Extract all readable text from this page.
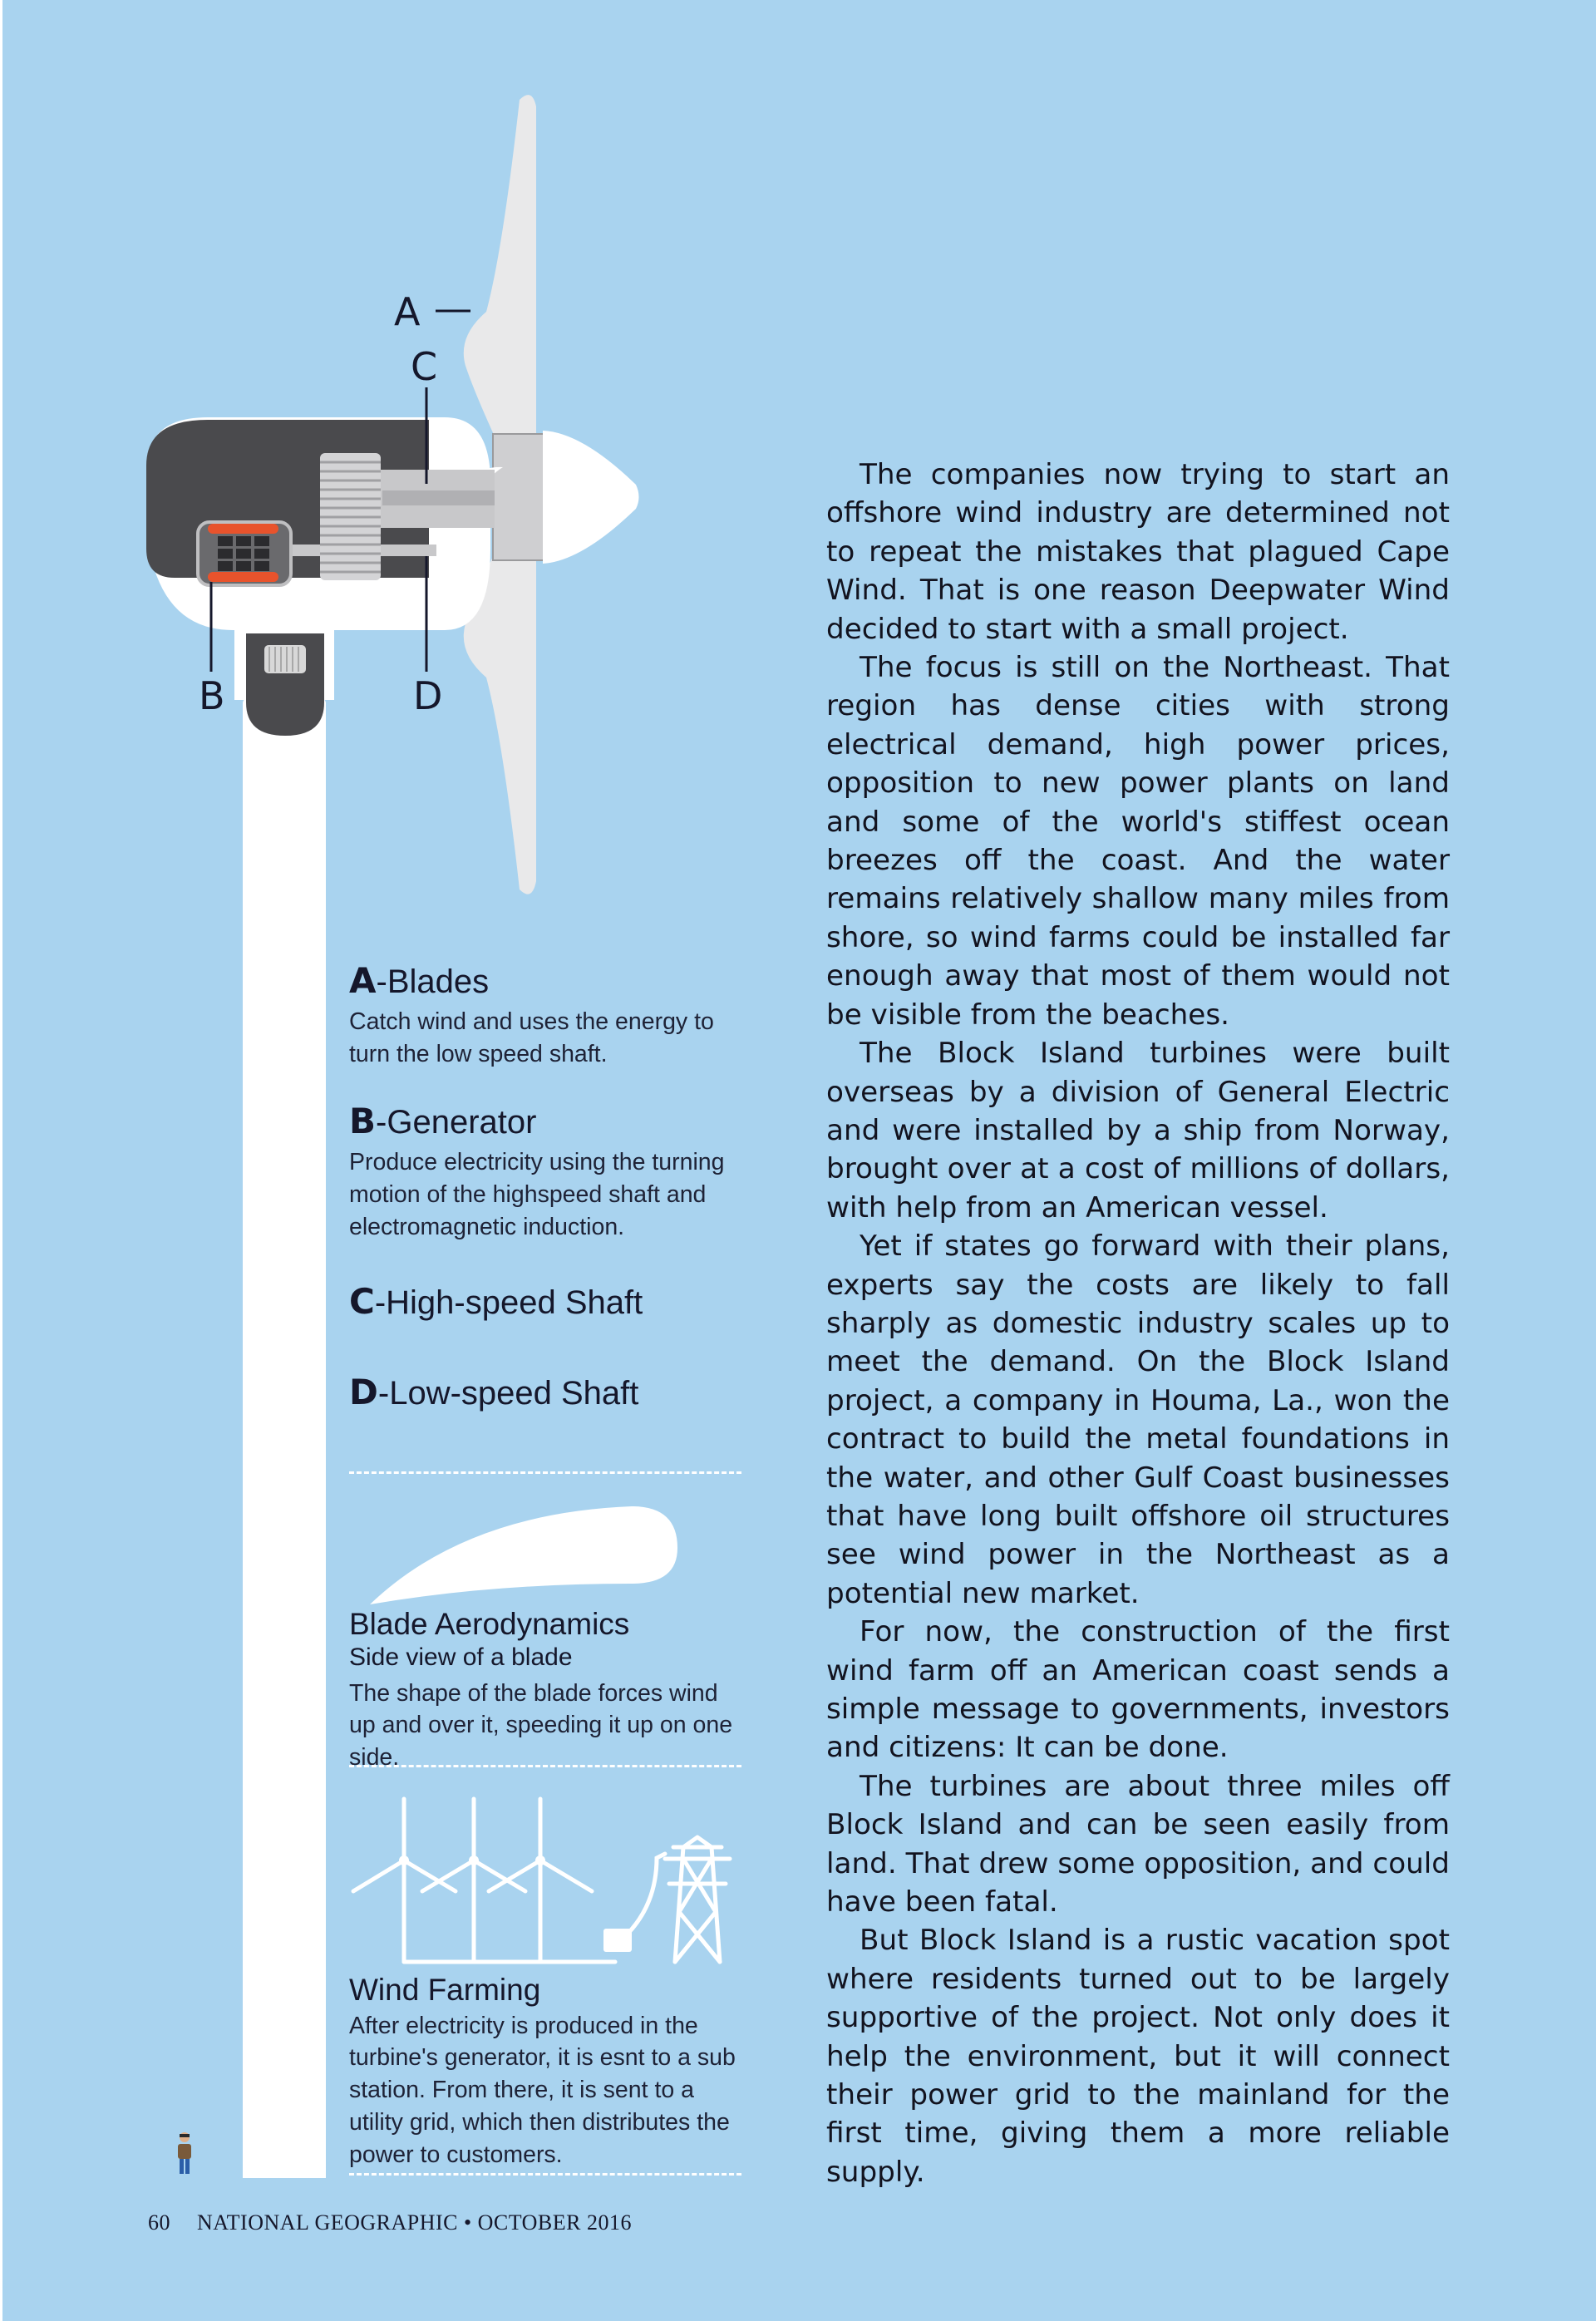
A
C
B	D
A-Blades
Catch wind and uses the energy to turn the low speed shaft.
B-Generator
Produce electricity using the turning motion of the highspeed shaft and electromagnetic induction.
C-High-speed Shaft
D-Low-speed Shaft
Blade Aerodynamics
Side view of a blade
The shape of the blade forces wind up and over it, speeding it up on one side.
Wind Farming
After electricity is produced in the turbine's generator, it is esnt to a sub station. From there, it is sent to a utility grid, which then distributes the power to customers.

The companies now trying to start an offshore wind industry are determined not to repeat the mistakes that plagued Cape Wind. That is one reason Deepwater Wind decided to start with a small project.

The focus is still on the Northeast. That region has dense cities with strong electrical demand, high power prices, opposition to new power plants on land and some of the world's stiffest ocean breezes off the coast. And the water remains relatively shallow many miles from shore, so wind farms could be installed far enough away that most of them would not be visible from the beaches.

The Block Island turbines were built overseas by a division of General Electric and were installed by a ship from Norway, brought over at a cost of millions of dollars, with help from an American vessel.

Yet if states go forward with their plans, experts say the costs are likely to fall sharply as domestic industry scales up to meet the demand. On the Block Island project, a company in Houma, La., won the contract to build the metal foundations in the water, and other Gulf Coast businesses that have long built offshore oil structures see wind power in the Northeast as a potential new market.

For now, the construction of the first wind farm off an American coast sends a simple message to governments, investors and citizens: It can be done.

The turbines are about three miles off Block Island and can be seen easily from land. That drew some opposition, and could have been fatal.

But Block Island is a rustic vacation spot where residents turned out to be largely supportive of the project. Not only does it help the environment, but it will connect their power grid to the mainland for the first time, giving them a more reliable supply.

60 NATIONAL GEOGRAPHIC • OCTOBER 2016
